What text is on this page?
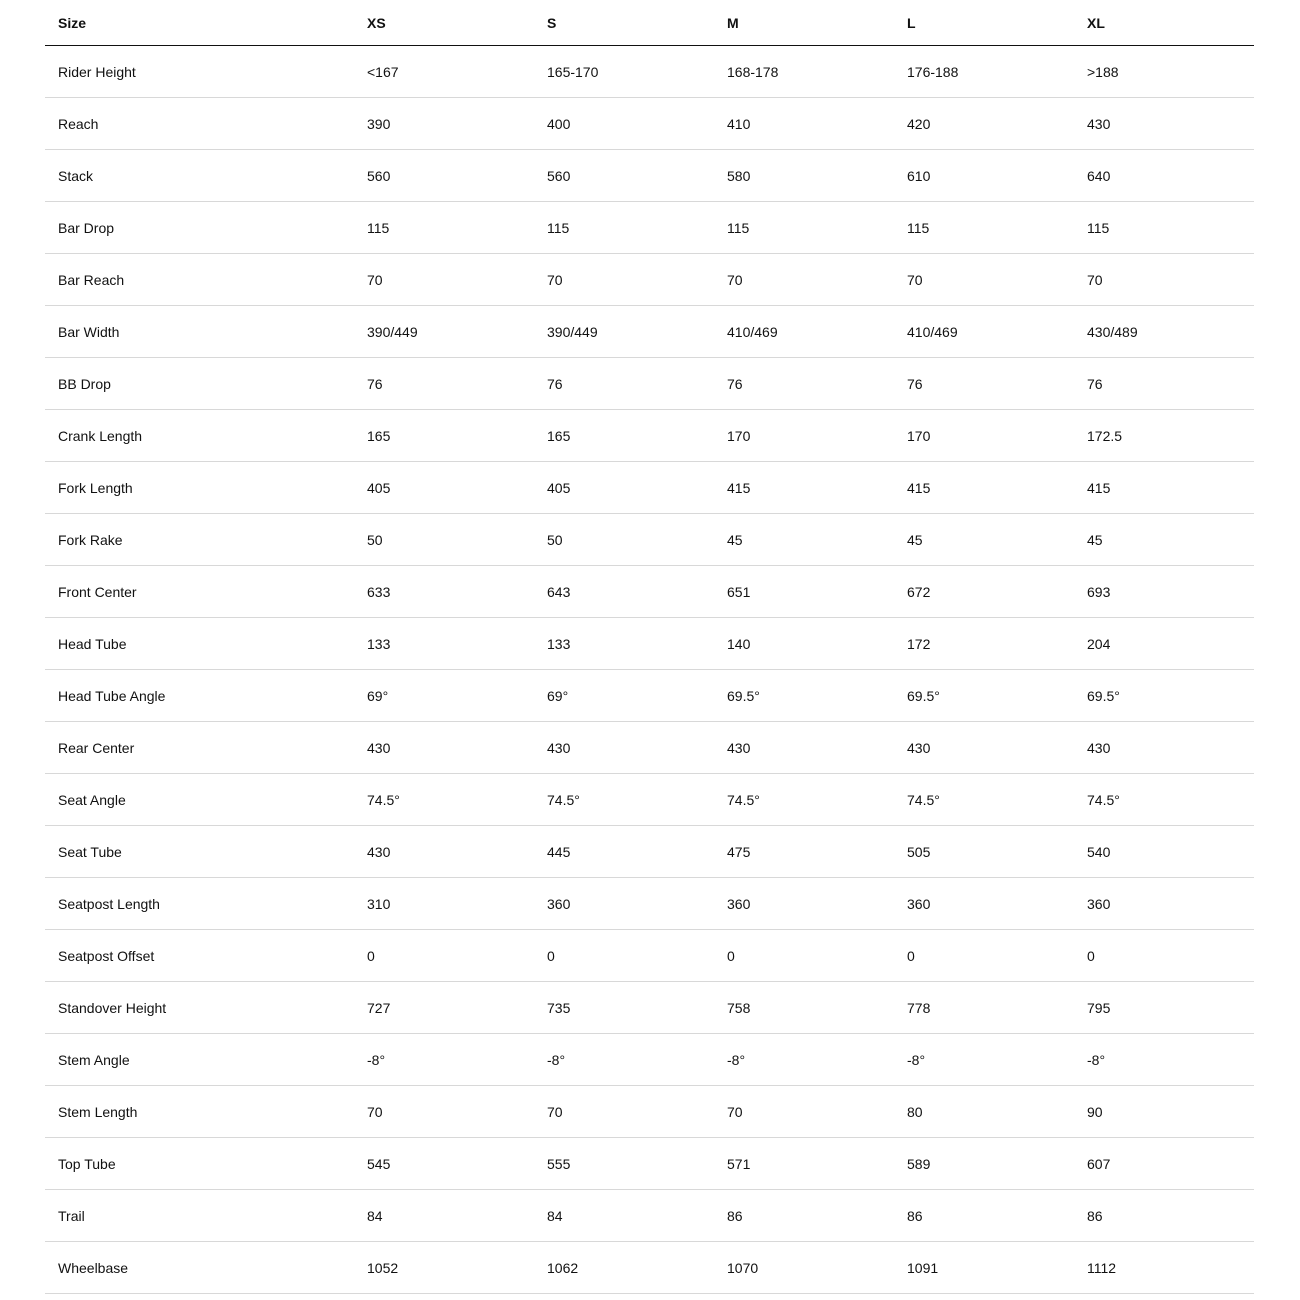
Size	XS	S	M	L	XL
Rider Height	<167	165-170	168-178	176-188	>188
Reach	390	400	410	420	430
Stack	560	560	580	610	640
Bar Drop	115	115	115	115	115
Bar Reach	70	70	70	70	70
Bar Width	390/449	390/449	410/469	410/469	430/489
BB Drop	76	76	76	76	76
Crank Length	165	165	170	170	172.5
Fork Length	405	405	415	415	415
Fork Rake	50	50	45	45	45
Front Center	633	643	651	672	693
Head Tube	133	133	140	172	204
Head Tube Angle	69°	69°	69.5°	69.5°	69.5°
Rear Center	430	430	430	430	430
Seat Angle	74.5°	74.5°	74.5°	74.5°	74.5°
Seat Tube	430	445	475	505	540
Seatpost Length	310	360	360	360	360
Seatpost Offset	0	0	0	0	0
Standover Height	727	735	758	778	795
Stem Angle	-8°	-8°	-8°	-8°	-8°
Stem Length	70	70	70	80	90
Top Tube	545	555	571	589	607
Trail	84	84	86	86	86
Wheelbase	1052	1062	1070	1091	1112
